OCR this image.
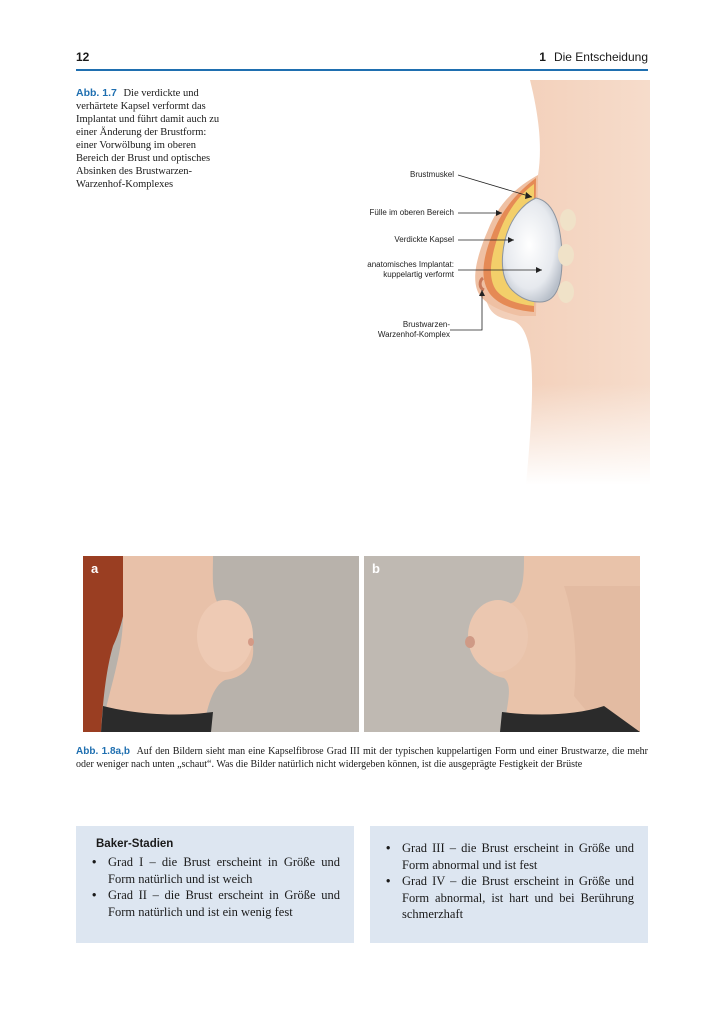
12	1 Die Entscheidung
Abb. 1.7 Die verdickte und verhärtete Kapsel verformt das Implantat und führt damit auch zu einer Änderung der Brustform: einer Vorwölbung im oberen Bereich der Brust und optisches Absinken des Brustwarzen-Warzenhof-Komplexes
Brustmuskel
Fülle im oberen Bereich
Verdickte Kapsel
anatomisches Implantat:
kuppelartig verformt
Brustwarzen-
Warzenhof-Komplex
a	b
Abb. 1.8a,b Auf den Bildern sieht man eine Kapselfibrose Grad III mit der typischen kuppelartigen Form und einer Brustwarze, die mehr oder weniger nach unten „schaut“. Was die Bilder natürlich nicht widergeben können, ist die ausgeprägte Festigkeit der Brüste
Baker-Stadien
• Grad I – die Brust erscheint in Größe und Form natürlich und ist weich
• Grad II – die Brust erscheint in Größe und Form natürlich und ist ein wenig fest
• Grad III – die Brust erscheint in Größe und Form abnormal und ist fest
• Grad IV – die Brust erscheint in Größe und Form abnormal, ist hart und bei Berührung schmerzhaft
